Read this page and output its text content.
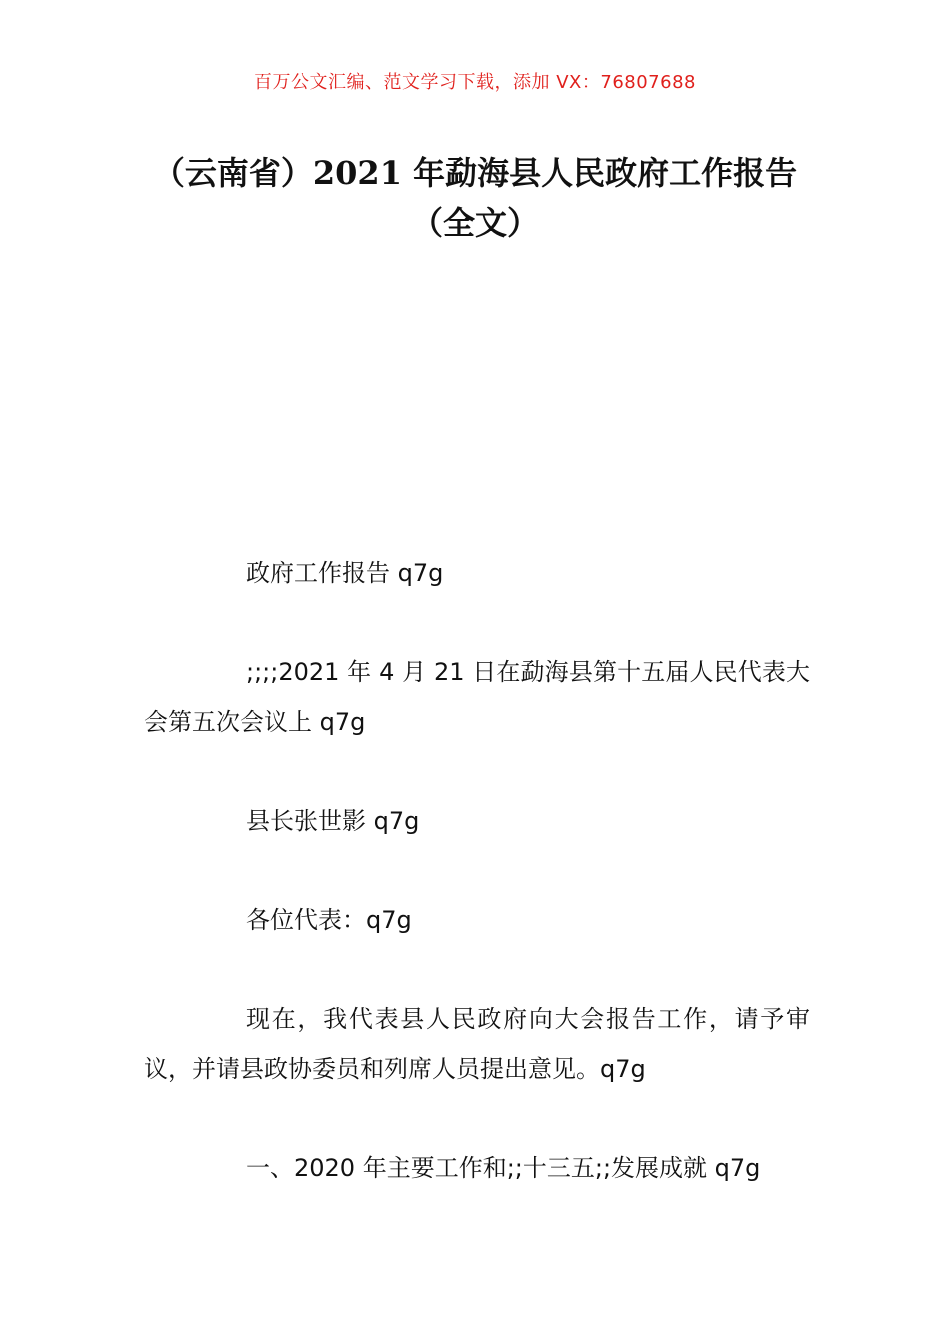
百万公文汇编、范文学习下载，添加 VX：76807688
（云南省）2021 年勐海县人民政府工作报告（全文）

政府工作报告 q7g

;;;;2021 年 4 月 21 日在勐海县第十五届人民代表大会第五次会议上 q7g

县长张世影 q7g

各位代表：q7g

现在，我代表县人民政府向大会报告工作，请予审议，并请县政协委员和列席人员提出意见。q7g

一、2020 年主要工作和;;十三五;;发展成就 q7g
